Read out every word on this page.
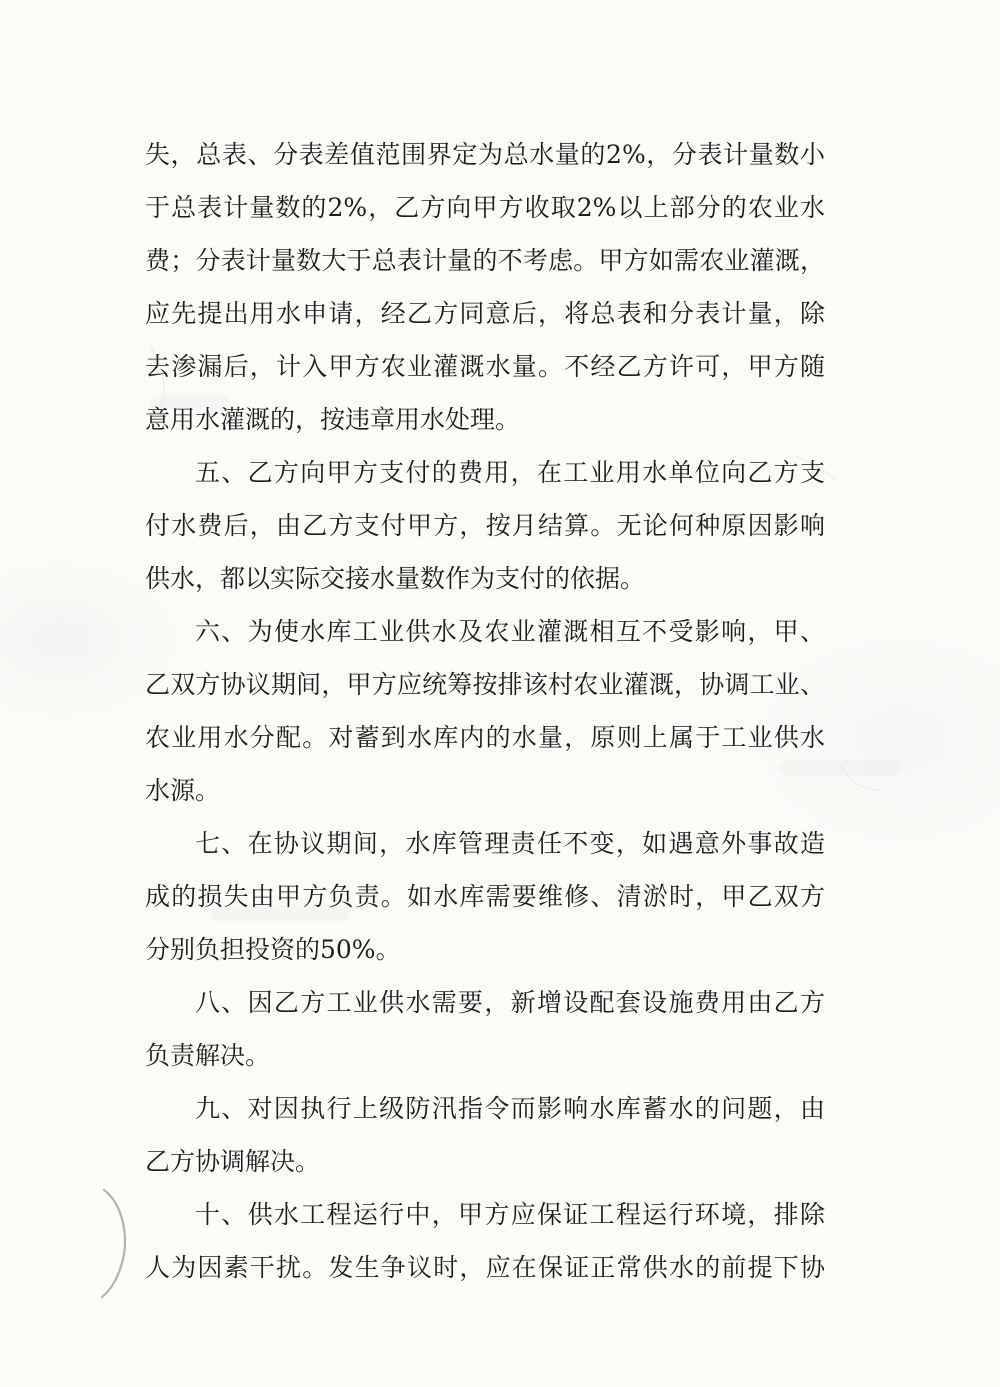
失，总表、分表差值范围界定为总水量的2%，分表计量数小
于总表计量数的2%，乙方向甲方收取2%以上部分的农业水
费；分表计量数大于总表计量的不考虑。甲方如需农业灌溉，
应先提出用水申请，经乙方同意后，将总表和分表计量，除
去渗漏后，计入甲方农业灌溉水量。不经乙方许可，甲方随
意用水灌溉的，按违章用水处理。
五、乙方向甲方支付的费用，在工业用水单位向乙方支
付水费后，由乙方支付甲方，按月结算。无论何种原因影响
供水，都以实际交接水量数作为支付的依据。
六、为使水库工业供水及农业灌溉相互不受影响，甲、
乙双方协议期间，甲方应统筹按排该村农业灌溉，协调工业、
农业用水分配。对蓄到水库内的水量，原则上属于工业供水
水源。
七、在协议期间，水库管理责任不变，如遇意外事故造
成的损失由甲方负责。如水库需要维修、清淤时，甲乙双方
分别负担投资的50%。
八、因乙方工业供水需要，新增设配套设施费用由乙方
负责解决。
九、对因执行上级防汛指令而影响水库蓄水的问题，由
乙方协调解决。
十、供水工程运行中，甲方应保证工程运行环境，排除
人为因素干扰。发生争议时，应在保证正常供水的前提下协
